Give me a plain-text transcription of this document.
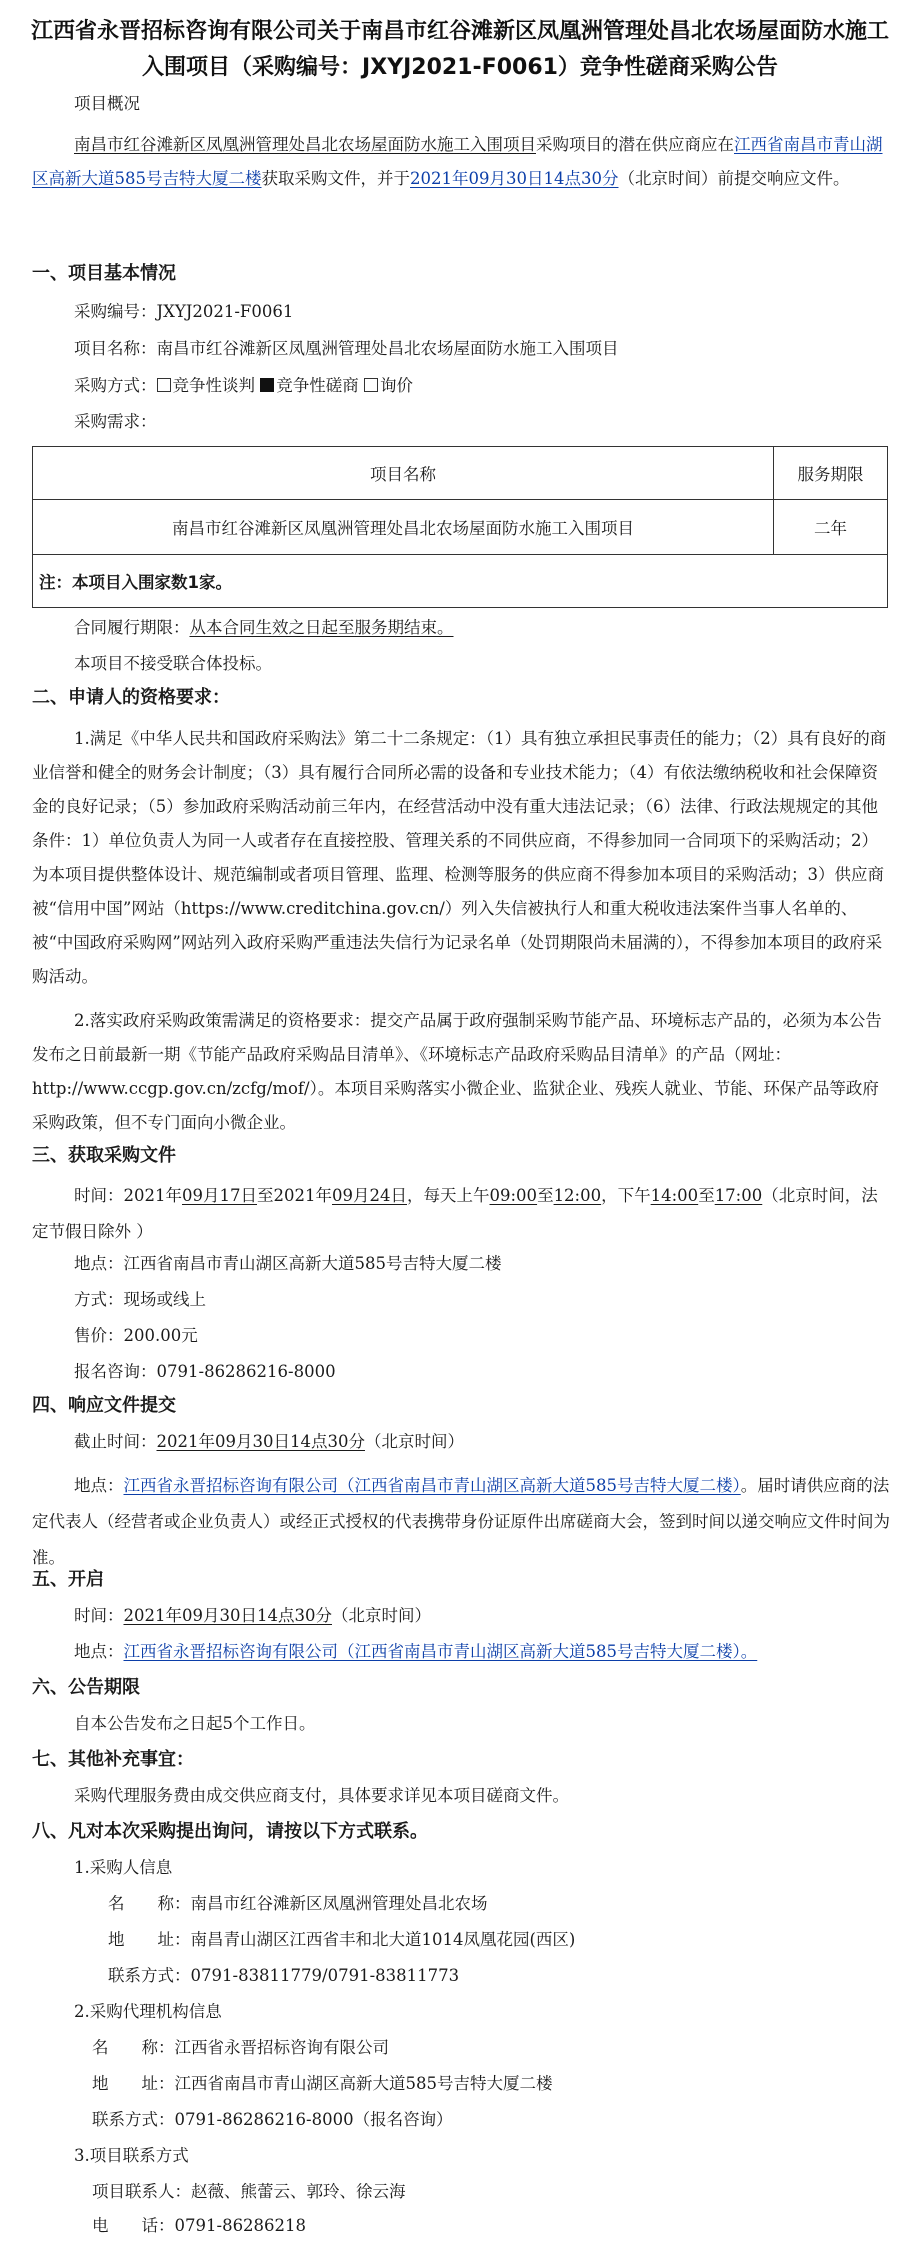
江西省永晋招标咨询有限公司关于南昌市红谷滩新区凤凰洲管理处昌北农场屋面防水施工入围项目（采购编号：JXYJ2021-F0061）竞争性磋商采购公告
项目概况
南昌市红谷滩新区凤凰洲管理处昌北农场屋面防水施工入围项目采购项目的潜在供应商应在江西省南昌市青山湖区高新大道585号吉特大厦二楼获取采购文件，并于2021年09月30日14点30分（北京时间）前提交响应文件。
一、项目基本情况
采购编号：JXYJ2021-F0061
项目名称：南昌市红谷滩新区凤凰洲管理处昌北农场屋面防水施工入围项目
采购方式： 竞争性谈判 竞争性磋商 询价
采购需求：
项目名称	服务期限
南昌市红谷滩新区凤凰洲管理处昌北农场屋面防水施工入围项目	二年
注：本项目入围家数1家。	
合同履行期限：从本合同生效之日起至服务期结束。
本项目不接受联合体投标。
二、申请人的资格要求：
1.满足《中华人民共和国政府采购法》第二十二条规定：（1）具有独立承担民事责任的能力；（2）具有良好的商业信誉和健全的财务会计制度；（3）具有履行合同所必需的设备和专业技术能力；（4）有依法缴纳税收和社会保障资金的良好记录；（5）参加政府采购活动前三年内，在经营活动中没有重大违法记录；（6）法律、行政法规规定的其他条件：1）单位负责人为同一人或者存在直接控股、管理关系的不同供应商，不得参加同一合同项下的采购活动；2）为本项目提供整体设计、规范编制或者项目管理、监理、检测等服务的供应商不得参加本项目的采购活动；3）供应商被“信用中国”网站（https://www.creditchina.gov.cn/）列入失信被执行人和重大税收违法案件当事人名单的、被“中国政府采购网”网站列入政府采购严重违法失信行为记录名单（处罚期限尚未届满的），不得参加本项目的政府采购活动。
2.落实政府采购政策需满足的资格要求：提交产品属于政府强制采购节能产品、环境标志产品的，必须为本公告发布之日前最新一期《节能产品政府采购品目清单》、《环境标志产品政府采购品目清单》的产品（网址：http://www.ccgp.gov.cn/zcfg/mof/）。本项目采购落实小微企业、监狱企业、残疾人就业、节能、环保产品等政府采购政策，但不专门面向小微企业。
三、获取采购文件
时间：2021年09月17日至2021年09月24日，每天上午09:00至12:00，下午14:00至17:00（北京时间，法定节假日除外 ）
地点：江西省南昌市青山湖区高新大道585号吉特大厦二楼
方式：现场或线上
售价：200.00元
报名咨询：0791-86286216-8000
四、响应文件提交
截止时间：2021年09月30日14点30分（北京时间）
地点：江西省永晋招标咨询有限公司（江西省南昌市青山湖区高新大道585号吉特大厦二楼）。届时请供应商的法定代表人（经营者或企业负责人）或经正式授权的代表携带身份证原件出席磋商大会，签到时间以递交响应文件时间为准。
五、开启
时间：2021年09月30日14点30分（北京时间）
地点：江西省永晋招标咨询有限公司（江西省南昌市青山湖区高新大道585号吉特大厦二楼）。
六、公告期限
自本公告发布之日起5个工作日。
七、其他补充事宜：
采购代理服务费由成交供应商支付，具体要求详见本项目磋商文件。
八、凡对本次采购提出询问，请按以下方式联系。
1.采购人信息
名　　称：南昌市红谷滩新区凤凰洲管理处昌北农场
地　　址：南昌青山湖区江西省丰和北大道1014凤凰花园(西区)
联系方式：0791-83811779/0791-83811773
2.采购代理机构信息
名　　称：江西省永晋招标咨询有限公司
地　　址：江西省南昌市青山湖区高新大道585号吉特大厦二楼
联系方式：0791-86286216-8000（报名咨询）
3.项目联系方式
项目联系人：赵薇、熊蕾云、郭玲、徐云海
电　　话：0791-86286218
